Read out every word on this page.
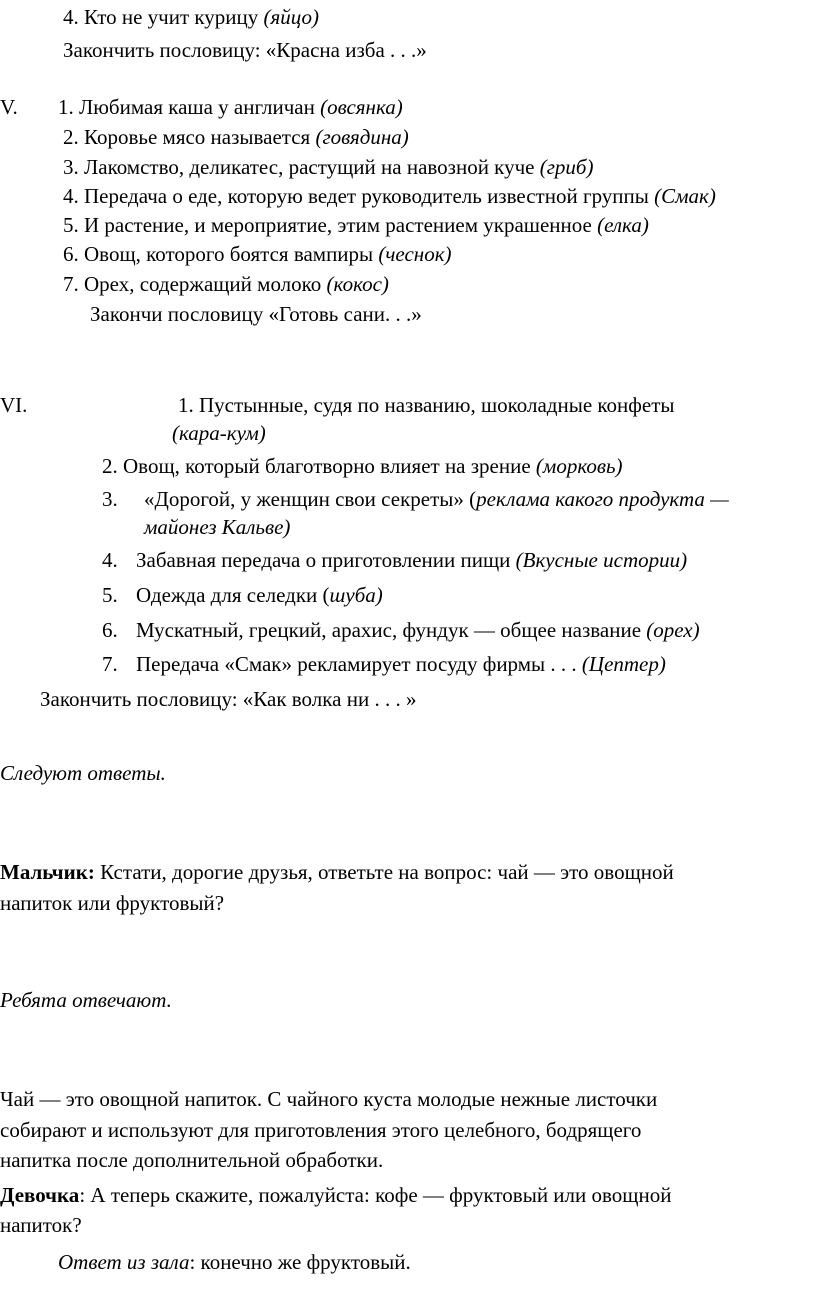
4. Кто не учит курицу (яйцо)
Закончить пословицу: «Красна изба . . .»
V. 1. Любимая каша у англичан (овсянка)
2. Коровье мясо называется (говядина)
3. Лакомство, деликатес, растущий на навозной куче (гриб)
4. Передача о еде, которую ведет руководитель известной группы (Смак)
5. И растение, и мероприятие, этим растением украшенное (елка)
6. Овощ, которого боятся вампиры (чеснок)
7. Орех, содержащий молоко (кокос)
Закончи пословицу «Готовь сани. . .»
VI.	1. Пустынные, судя по названию, шоколадные конфеты
(кара-кум)
2. Овощ, который благотворно влияет на зрение (морковь)
3. «Дорогой, у женщин свои секреты» (реклама какого продукта —
майонез Кальве)
4. Забавная передача о приготовлении пищи (Вкусные истории)
5. Одежда для селедки (шуба)
6. Мускатный, грецкий, арахис, фундук — общее название (орех)
7. Передача «Смак» рекламирует посуду фирмы . . . (Цептер)
Закончить пословицу: «Как волка ни . . . »
Следуют ответы.
Мальчик: Кстати, дорогие друзья, ответьте на вопрос: чай — это овощной
напиток или фруктовый?
Ребята отвечают.
Чай — это овощной напиток. С чайного куста молодые нежные листочки
собирают и используют для приготовления этого целебного, бодрящего
напитка после дополнительной обработки.
Девочка: А теперь скажите, пожалуйста: кофе — фруктовый или овощной
напиток?
Ответ из зала: конечно же фруктовый.
